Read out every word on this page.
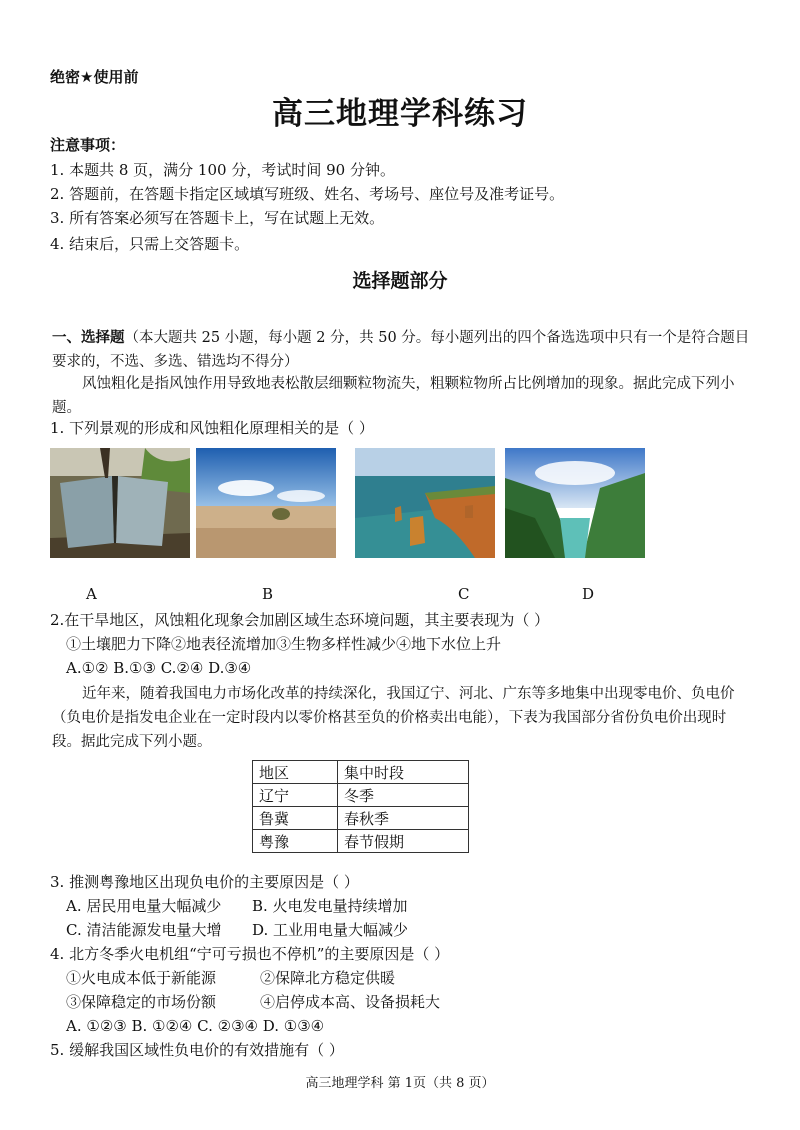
绝密★使用前
高三地理学科练习
注意事项：
1. 本题共 8 页，满分 100 分，考试时间 90 分钟。
2. 答题前，在答题卡指定区域填写班级、姓名、考场号、座位号及准考证号。
3. 所有答案必须写在答题卡上，写在试题上无效。
4. 结束后，只需上交答题卡。
选择题部分
一、选择题（本大题共 25 小题，每小题 2 分，共 50 分。每小题列出的四个备选选项中只有一个是符合题目要求的，不选、多选、错选均不得分）
风蚀粗化是指风蚀作用导致地表松散层细颗粒物流失，粗颗粒物所占比例增加的现象。据此完成下列小题。
1. 下列景观的形成和风蚀粗化原理相关的是（ ）
A	B	C	D
2.在干旱地区，风蚀粗化现象会加剧区域生态环境问题，其主要表现为（ ）
①土壤肥力下降②地表径流增加③生物多样性减少④地下水位上升
A.①② B.①③ C.②④ D.③④
近年来，随着我国电力市场化改革的持续深化，我国辽宁、河北、广东等多地集中出现零电价、负电价（负电价是指发电企业在一定时段内以零价格甚至负的价格卖出电能），下表为我国部分省份负电价出现时段。据此完成下列小题。
地区	集中时段
辽宁	冬季
鲁冀	春秋季
粤豫	春节假期
3. 推测粤豫地区出现负电价的主要原因是（ ）
A. 居民用电量大幅减少 B. 火电发电量持续增加
C. 清洁能源发电量大增 D. 工业用电量大幅减少
4. 北方冬季火电机组“宁可亏损也不停机”的主要原因是（ ）
①火电成本低于新能源	②保障北方稳定供暖
③保障稳定的市场份额	④启停成本高、设备损耗大
A. ①②③ B. ①②④ C. ②③④ D. ①③④
5. 缓解我国区域性负电价的有效措施有（ ）
高三地理学科 第 1页（共 8 页）
